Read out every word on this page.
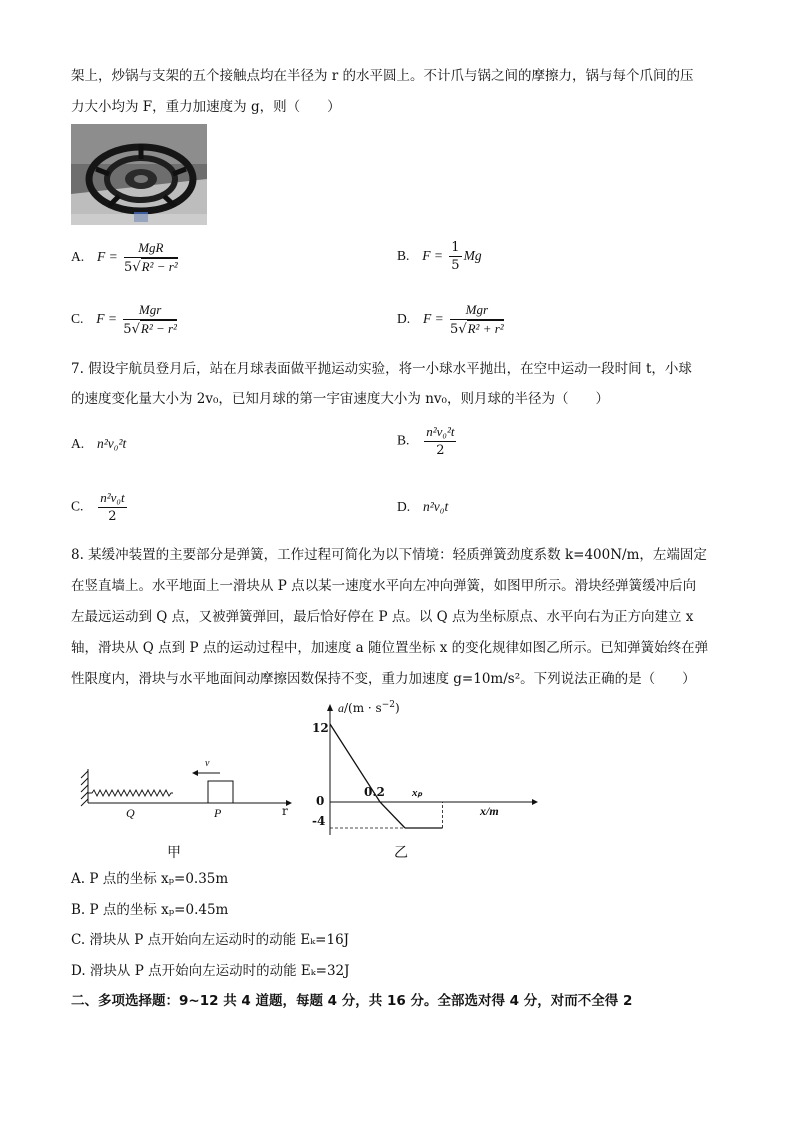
架上，炒锅与支架的五个接触点均在半径为 r 的水平圆上。不计爪与锅之间的摩擦力，锅与每个爪间的压
力大小均为 F，重力加速度为 g，则（　　）
A. $F = \frac{\text{MgR}}{\text{5√R² − r²}}$	B. $F = \frac{1}{5}$ Mg
C. $F = \frac{\text{Mgr}}{\text{5√R² − r²}}$	D. $F = \frac{\text{Mgr}}{\text{5√R² + r²}}$
7. 假设宇航员登月后，站在月球表面做平抛运动实验，将一小球水平抛出，在空中运动一段时间 t，小球
的速度变化量大小为 2v₀，已知月球的第一宇宙速度大小为 nv₀，则月球的半径为（　　）
A. n²v₀²t	B. $\frac{\text{n²v₀²t}}{2}$
C. $\frac{\text{n²v₀t}}{2}$	D. n²v₀t
8. 某缓冲装置的主要部分是弹簧，工作过程可简化为以下情境：轻质弹簧劲度系数 k=400N/m，左端固定
在竖直墙上。水平地面上一滑块从 P 点以某一速度水平向左冲向弹簧，如图甲所示。滑块经弹簧缓冲后向
左最远运动到 Q 点，又被弹簧弹回，最后恰好停在 P 点。以 Q 点为坐标原点、水平向右为正方向建立 x
轴，滑块从 Q 点到 P 点的运动过程中，加速度 a 随位置坐标 x 的变化规律如图乙所示。已知弹簧始终在弹
性限度内，滑块与水平地面间动摩擦因数保持不变，重力加速度 g=10m/s²。下列说法正确的是（　　）
v
Q	P	r
甲
$a/(m \cdot s^{-2})$
12
0
-4
0.2 xₚ
x/m
乙
A. P 点的坐标 xₚ=0.35m
B. P 点的坐标 xₚ=0.45m
C. 滑块从 P 点开始向左运动时的动能 Eₖ=16J
D. 滑块从 P 点开始向左运动时的动能 Eₖ=32J
二、多项选择题：9~12 共 4 道题，每题 4 分，共 16 分。全部选对得 4 分，对而不全得 2
